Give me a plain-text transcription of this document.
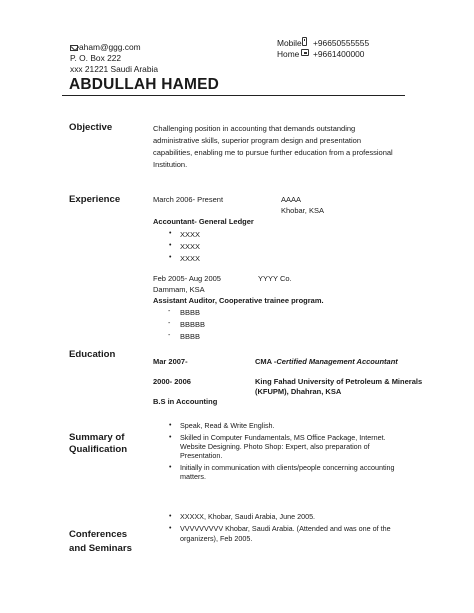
aham@ggg.com
P. O. Box 222
xxx 21221 Saudi Arabia
Mobile +96650555555
Home +9661400000
ABDULLAH HAMED
Objective	Challenging position in accounting that demands outstanding
administrative skills, superior program design and presentation
capabilities, enabling me to pursue further education from a professional
Institution.
Experience	March 2006- Present	AAAA
Khobar, KSA
Accountant- General Ledger
• XXXX
• XXXX
• XXXX
Feb 2005- Aug 2005	YYYY Co.
Dammam, KSA
Assistant Auditor, Cooperative trainee program.
- BBBB
- BBBBB
- BBBB
Education
Mar 2007-	CMA -Certified Management Accountant
2000- 2006	King Fahad University of Petroleum & Minerals
(KFUPM), Dhahran, KSA
B.S in Accounting
Summary of
Qualification
• Speak, Read & Write English.
• Skilled in Computer Fundamentals, MS Office Package, Internet.
Website Designing. Photo Shop: Expert, also preparation of
Presentation.
• Initially in communication with clients/people concerning accounting
matters.
Conferences
and Seminars
• XXXXX, Khobar, Saudi Arabia, June 2005.
• VVVVVVVVV Khobar, Saudi Arabia. (Attended and was one of the
organizers), Feb 2005.
